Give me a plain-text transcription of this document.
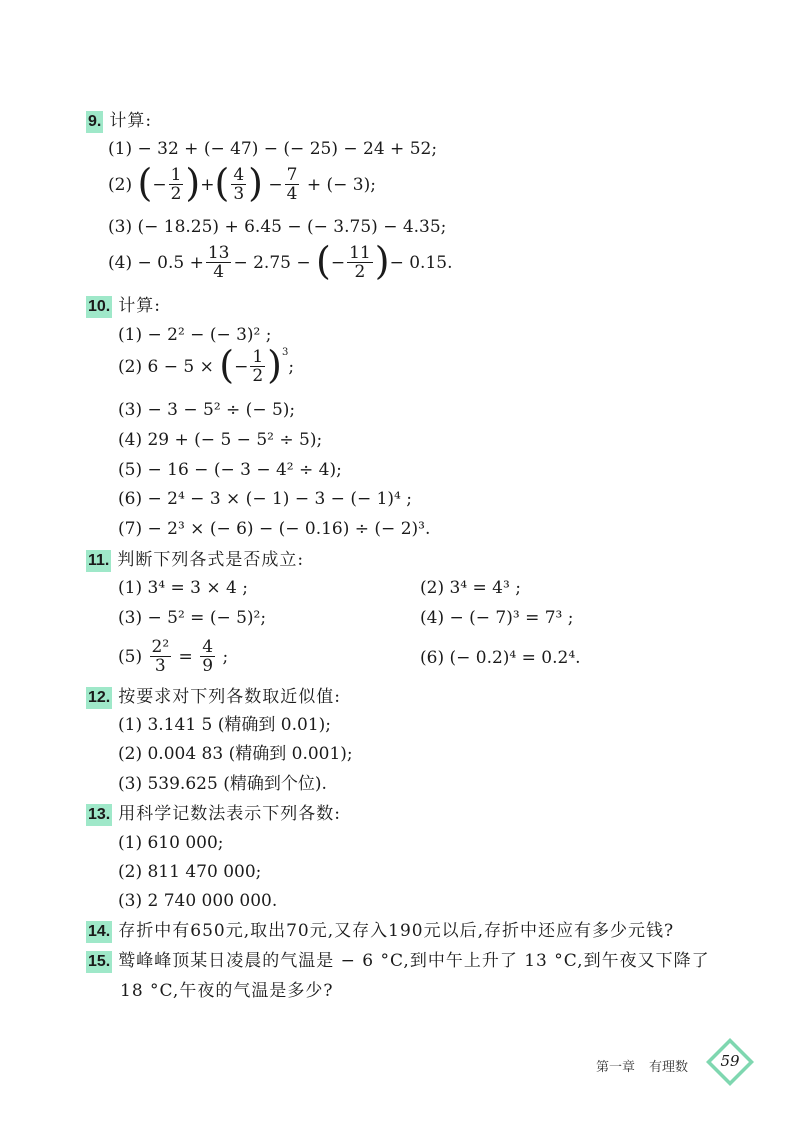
9. 计算:
(1) − 32 + (− 47) − (− 25) − 24 + 52;
(2)
( − $\frac{1}{2}$ ) + ( $\frac{4}{3}$ )
− $\frac{7}{4}$
+ (− 3);
(3) (− 18.25) + 6.45 − (− 3.75) − 4.35;
$(4) - 0.5 + \frac{13}{4} - 2.75$ −
( − $\frac{11}{2}$ ) − 0.15.
10. 计算:
(1) − 2² − (− 3)² ;
(2) 6 − 5 ×
( − $\frac{1}{2} )^3$
;
(3) − 3 − 5² ÷ (− 5);
(4) 29 + (− 5 − 5² ÷ 5);
(5) − 16 − (− 3 − 4² ÷ 4);
(6) − 2⁴ − 3 × (− 1) − 3 − (− 1)⁴ ;
(7) − 2³ × (− 6) − (− 0.16) ÷ (− 2)³.
11. 判断下列各式是否成立:
(1) 3⁴ = 3 × 4 ;	(2) 3⁴ = 4³ ;
(3) − 5² = (− 5)²;	(4) − (− 7)³ = 7³ ;
(5)
$\frac{\text{2²}}{3}$
=
$\frac{4}{9}$
;	(6) (− 0.2)⁴ = 0.2⁴.
12. 按要求对下列各数取近似值:
(1) 3.141 5 (精确到 0.01);
(2) 0.004 83 (精确到 0.001);
(3) 539.625 (精确到个位).
13. 用科学记数法表示下列各数:
(1) 610 000;
(2) 811 470 000;
(3) 2 740 000 000.
14. 存折中有650元,取出70元,又存入190元以后,存折中还应有多少元钱?
15. 鹫峰峰顶某日凌晨的气温是 − 6 °C,到中午上升了 13 °C,到午夜又下降了
18 °C,午夜的气温是多少?
第一章 有理数	59
